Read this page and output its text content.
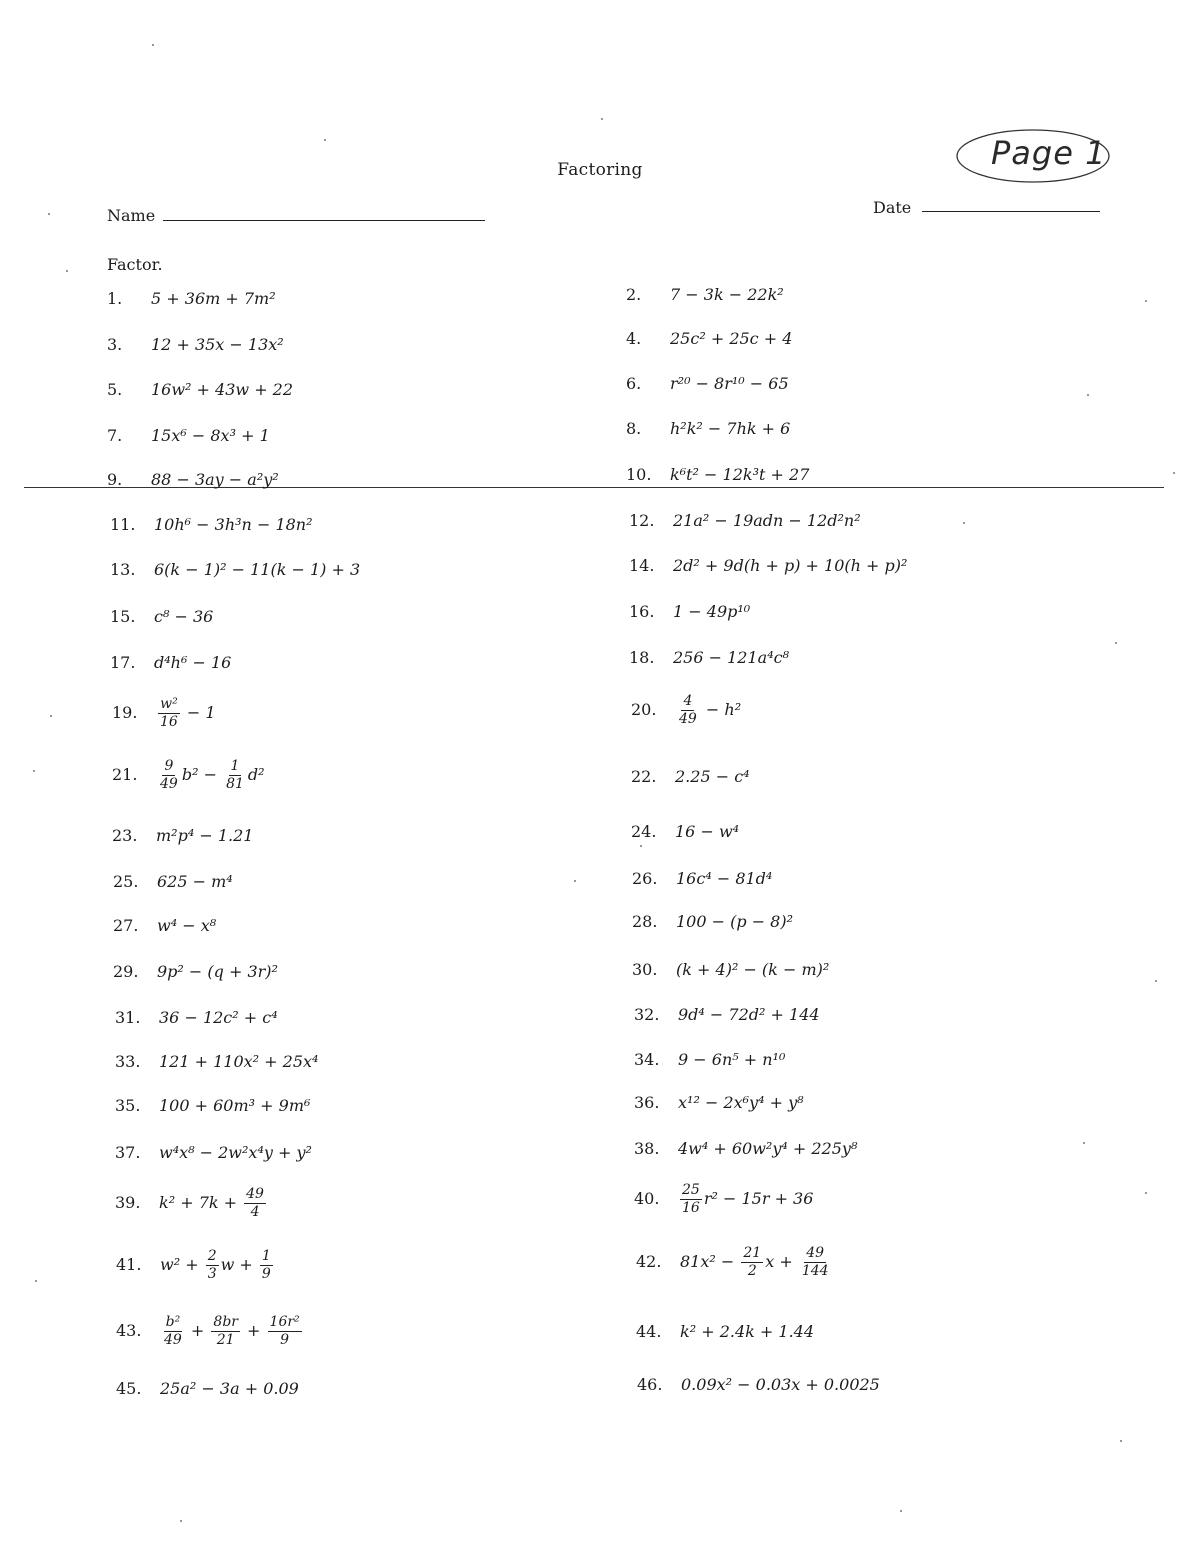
Factoring	Page 1
Name	Date
Factor.
1. 5 + 36m + 7m²	2. 7 − 3k − 22k²
3. 12 + 35x − 13x²	4. 25c² + 25c + 4
5. 16w² + 43w + 22	6. r²⁰ − 8r¹⁰ − 65
7. 15x⁶ − 8x³ + 1	8. h²k² − 7hk + 6
9. 88 − 3ay − a²y²	10. k⁶t² − 12k³t + 27
11. 10h⁶ − 3h³n − 18n²	12. 21a² − 19adn − 12d²n²
13. 6(k − 1)² − 11(k − 1) + 3	14. 2d² + 9d(h + p) + 10(h + p)²
15. c⁸ − 36	16. 1 − 49p¹⁰
17. d⁴h⁶ − 16	18. 256 − 121a⁴c⁸
19. $\frac{\text{w²}}{16} - 1$	20. $\frac{4}{49} - h^2$
21. $\frac{9}{49} b^2 - \frac{1}{81} d^2$	22. 2.25 − c⁴
23. m²p⁴ − 1.21	24. 16 − w⁴
25. 625 − m⁴	26. 16c⁴ − 81d⁴
27. w⁴ − x⁸	28. 100 − (p − 8)²
29. 9p² − (q + 3r)²	30. (k + 4)² − (k − m)²
31. 36 − 12c² + c⁴	32. 9d⁴ − 72d² + 144
33. 121 + 110x² + 25x⁴	34. 9 − 6n⁵ + n¹⁰
35. 100 + 60m³ + 9m⁶	36. x¹² − 2x⁶y⁴ + y⁸
37. w⁴x⁸ − 2w²x⁴y + y²	38. 4w⁴ + 60w²y⁴ + 225y⁸
39. $k^2 + 7k + \frac{49}{4}$	40. $\frac{25}{16} r^2 - 15r + 36$
41. $w^2 + \frac{2}{3}$ $w + \frac{1}{9}$	42. $81x^2 - \frac{21}{2}$ $x + \frac{49}{144}$
43. $\frac{\text{b²}}{49} + \frac{8br}{21} + \frac{\text{16r²}}{9}$	44. k² + 2.4k + 1.44
45. 25a² − 3a + 0.09	46. 0.09x² − 0.03x + 0.0025
